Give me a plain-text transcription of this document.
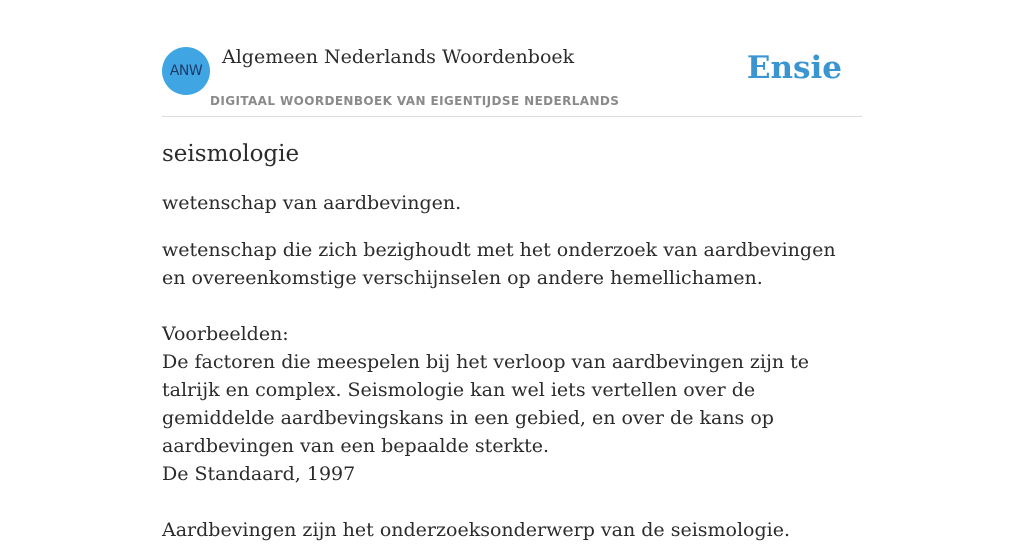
ANW
Algemeen Nederlands Woordenboek
DIGITAAL WOORDENBOEK VAN EIGENTIJDSE NEDERLANDS
Ensie
seismologie

wetenschap van aardbevingen.

wetenschap die zich bezighoudt met het onderzoek van aardbevingen en overeenkomstige verschijnselen op andere hemellichamen.

Voorbeelden:

De factoren die meespelen bij het verloop van aardbevingen zijn te talrijk en complex. Seismologie kan wel iets vertellen over de gemiddelde aardbevingskans in een gebied, en over de kans op aardbevingen van een bepaalde sterkte.

De Standaard, 1997

Aardbevingen zijn het onderzoeksonderwerp van de seismologie.
